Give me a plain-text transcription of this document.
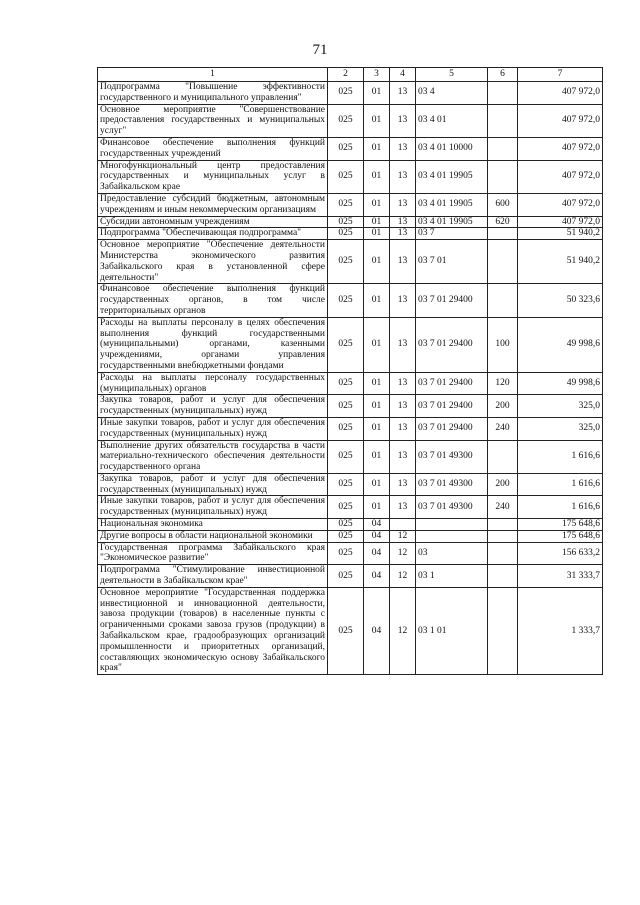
71
1	2	3	4	5	6	7
Подпрограмма "Повышение эффективности государственного и муниципального управления"	025	01	13	03 4		407 972,0
Основное мероприятие "Совершенствование предоставления государственных и муниципальных услуг"	025	01	13	03 4 01		407 972,0
Финансовое обеспечение выполнения функций государственных учреждений	025	01	13	03 4 01 10000		407 972,0
Многофункциональный центр предоставления государственных и муниципальных услуг в Забайкальском крае	025	01	13	03 4 01 19905		407 972,0
Предоставление субсидий бюджетным, автономным учреждениям и иным некоммерческим организациям	025	01	13	03 4 01 19905	600	407 972,0
Субсидии автономным учреждениям	025	01	13	03 4 01 19905	620	407 972,0
Подпрограмма "Обеспечивающая подпрограмма"	025	01	13	03 7		51 940,2
Основное мероприятие "Обеспечение деятельности Министерства экономического развития Забайкальского края в установленной сфере деятельности"	025	01	13	03 7 01		51 940,2
Финансовое обеспечение выполнения функций государственных органов, в том числе территориальных органов	025	01	13	03 7 01 29400		50 323,6
Расходы на выплаты персоналу в целях обеспечения выполнения функций государственными (муниципальными) органами, казенными учреждениями, органами управления государственными внебюджетными фондами	025	01	13	03 7 01 29400	100	49 998,6
Расходы на выплаты персоналу государственных (муниципальных) органов	025	01	13	03 7 01 29400	120	49 998,6
Закупка товаров, работ и услуг для обеспечения государственных (муниципальных) нужд	025	01	13	03 7 01 29400	200	325,0
Иные закупки товаров, работ и услуг для обеспечения государственных (муниципальных) нужд	025	01	13	03 7 01 29400	240	325,0
Выполнение других обязательств государства в части материально-технического обеспечения деятельности государственного органа	025	01	13	03 7 01 49300		1 616,6
Закупка товаров, работ и услуг для обеспечения государственных (муниципальных) нужд	025	01	13	03 7 01 49300	200	1 616,6
Иные закупки товаров, работ и услуг для обеспечения государственных (муниципальных) нужд	025	01	13	03 7 01 49300	240	1 616,6
Национальная экономика	025	04				175 648,6
Другие вопросы в области национальной экономики	025	04	12			175 648,6
Государственная программа Забайкальского края "Экономическое развитие"	025	04	12	03		156 633,2
Подпрограмма "Стимулирование инвестиционной деятельности в Забайкальском крае"	025	04	12	03 1		31 333,7
Основное мероприятие "Государственная поддержка инвестиционной и инновационной деятельности, завоза продукции (товаров) в населенные пункты с ограниченными сроками завоза грузов (продукции) в Забайкальском крае, градообразующих организаций промышленности и приоритетных организаций, составляющих экономическую основу Забайкальского края"	025	04	12	03 1 01		1 333,7
